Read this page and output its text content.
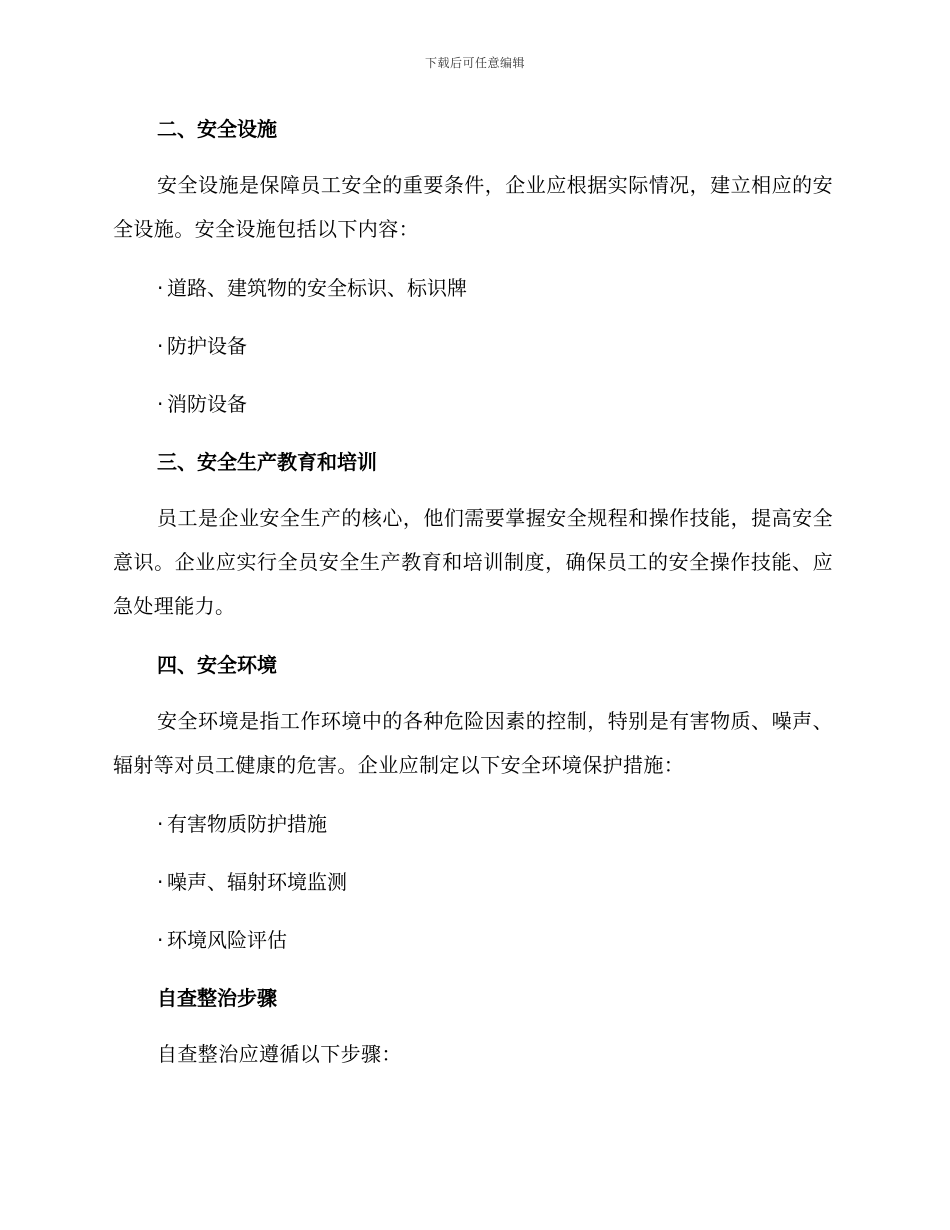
下载后可任意编辑
二、安全设施
安全设施是保障员工安全的重要条件，企业应根据实际情况，建立相应的安全设施。安全设施包括以下内容：
· 道路、建筑物的安全标识、标识牌
· 防护设备
· 消防设备
三、安全生产教育和培训
员工是企业安全生产的核心，他们需要掌握安全规程和操作技能，提高安全意识。企业应实行全员安全生产教育和培训制度，确保员工的安全操作技能、应急处理能力。
四、安全环境
安全环境是指工作环境中的各种危险因素的控制，特别是有害物质、噪声、辐射等对员工健康的危害。企业应制定以下安全环境保护措施：
· 有害物质防护措施
· 噪声、辐射环境监测
· 环境风险评估
自查整治步骤
自查整治应遵循以下步骤：
